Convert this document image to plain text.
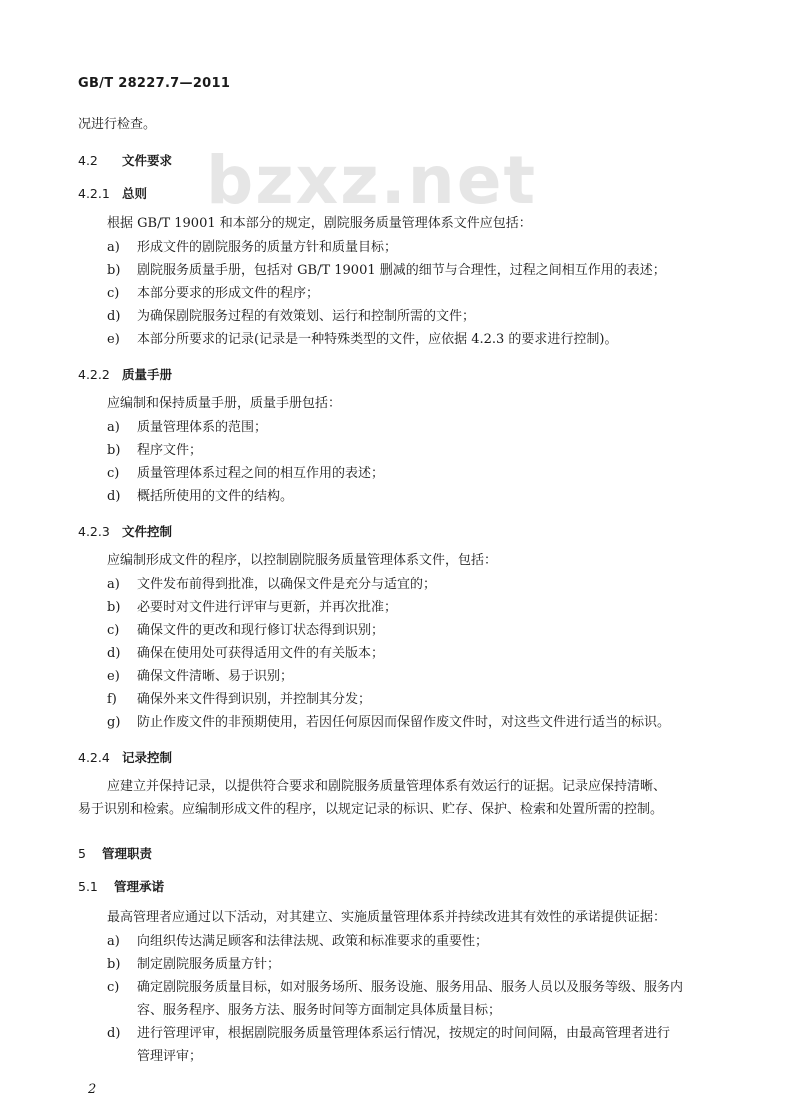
GB/T 28227.7—2011
bzxz.net
况进行检查。
4.2 文件要求
4.2.1 总则
根据 GB/T 19001 和本部分的规定，剧院服务质量管理体系文件应包括：
a) 形成文件的剧院服务的质量方针和质量目标；
b) 剧院服务质量手册，包括对 GB/T 19001 删减的细节与合理性，过程之间相互作用的表述；
c) 本部分要求的形成文件的程序；
d) 为确保剧院服务过程的有效策划、运行和控制所需的文件；
e) 本部分所要求的记录(记录是一种特殊类型的文件，应依据 4.2.3 的要求进行控制)。
4.2.2 质量手册
应编制和保持质量手册，质量手册包括：
a) 质量管理体系的范围；
b) 程序文件；
c) 质量管理体系过程之间的相互作用的表述；
d) 概括所使用的文件的结构。
4.2.3 文件控制
应编制形成文件的程序，以控制剧院服务质量管理体系文件，包括：
a) 文件发布前得到批准，以确保文件是充分与适宜的；
b) 必要时对文件进行评审与更新，并再次批准；
c) 确保文件的更改和现行修订状态得到识别；
d) 确保在使用处可获得适用文件的有关版本；
e) 确保文件清晰、易于识别；
f) 确保外来文件得到识别，并控制其分发；
g) 防止作废文件的非预期使用，若因任何原因而保留作废文件时，对这些文件进行适当的标识。
4.2.4 记录控制
应建立并保持记录，以提供符合要求和剧院服务质量管理体系有效运行的证据。记录应保持清晰、
易于识别和检索。应编制形成文件的程序，以规定记录的标识、贮存、保护、检索和处置所需的控制。
5 管理职责
5.1 管理承诺
最高管理者应通过以下活动，对其建立、实施质量管理体系并持续改进其有效性的承诺提供证据：
a) 向组织传达满足顾客和法律法规、政策和标准要求的重要性；
b) 制定剧院服务质量方针；
c) 确定剧院服务质量目标，如对服务场所、服务设施、服务用品、服务人员以及服务等级、服务内
容、服务程序、服务方法、服务时间等方面制定具体质量目标；
d) 进行管理评审，根据剧院服务质量管理体系运行情况，按规定的时间间隔，由最高管理者进行
管理评审；
2
